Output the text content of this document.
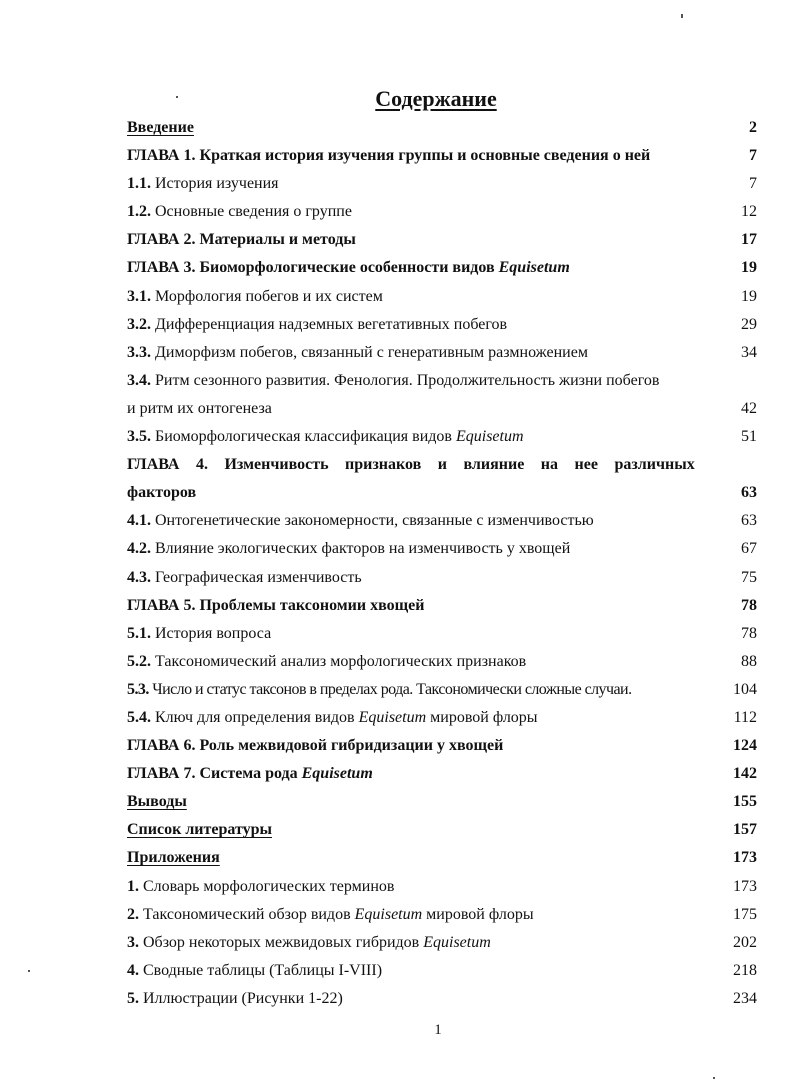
Содержание
Введение	2
ГЛАВА 1. Краткая история изучения группы и основные сведения о ней	7
1.1. История изучения	7
1.2. Основные сведения о группе	12
ГЛАВА 2. Материалы и методы	17
ГЛАВА 3. Биоморфологические особенности видов Equisetum	19
3.1. Морфология побегов и их систем	19
3.2. Дифференциация надземных вегетативных побегов	29
3.3. Диморфизм побегов, связанный с генеративным размножением	34
3.4. Ритм сезонного развития. Фенология. Продолжительность жизни побегов
и ритм их онтогенеза	42
3.5. Биоморфологическая классификация видов Equisetum	51
ГЛАВА 4. Изменчивость признаков и влияние на нее различных
факторов	63
4.1. Онтогенетические закономерности, связанные с изменчивостью	63
4.2. Влияние экологических факторов на изменчивость у хвощей	67
4.3. Географическая изменчивость	75
ГЛАВА 5. Проблемы таксономии хвощей	78
5.1. История вопроса	78
5.2. Таксономический анализ морфологических признаков	88
5.3. Число и статус таксонов в пределах рода. Таксономически сложные случаи.	104
5.4. Ключ для определения видов Equisetum мировой флоры	112
ГЛАВА 6. Роль межвидовой гибридизации у хвощей	124
ГЛАВА 7. Система рода Equisetum	142
Выводы	155
Список литературы	157
Приложения	173
1. Словарь морфологических терминов	173
2. Таксономический обзор видов Equisetum мировой флоры	175
3. Обзор некоторых межвидовых гибридов Equisetum	202
4. Сводные таблицы (Таблицы I-VIII)	218
5. Иллюстрации (Рисунки 1-22)	234
1
